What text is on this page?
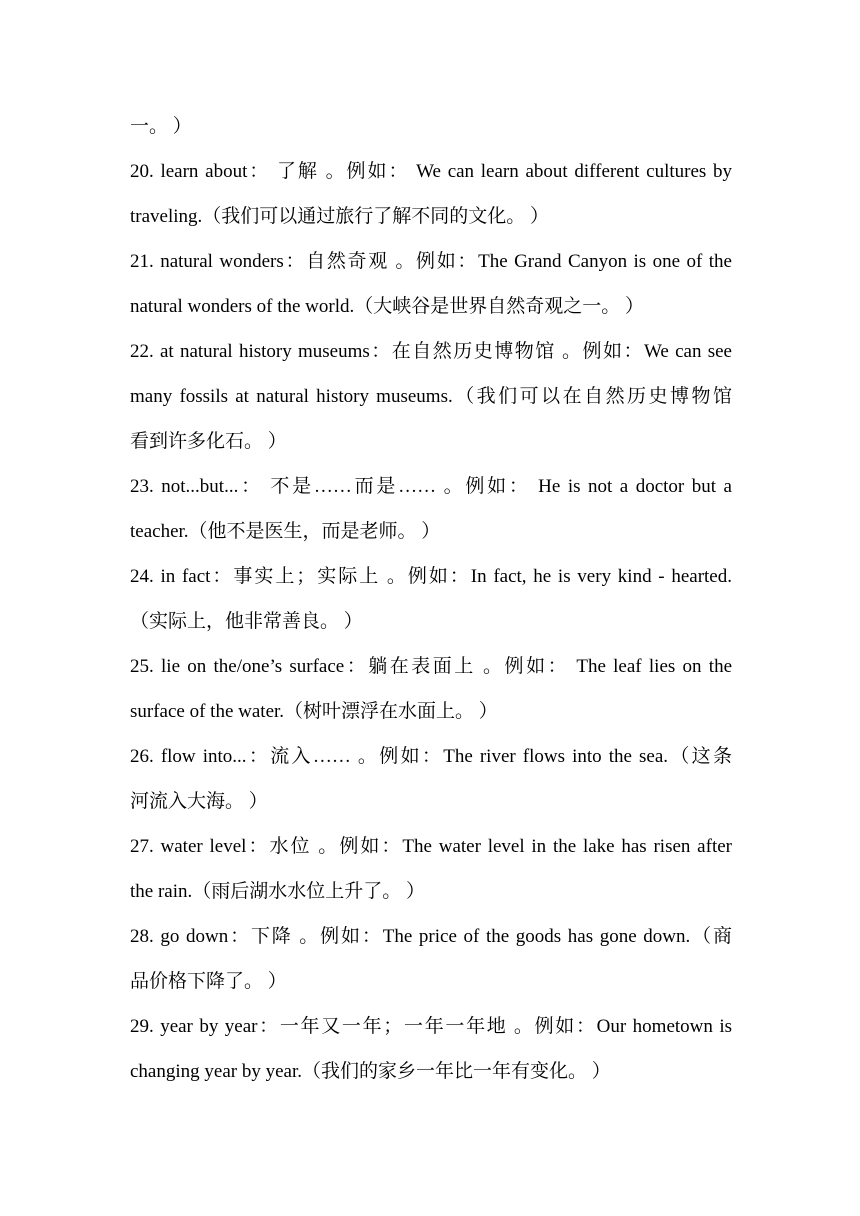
一。 ）
20. learn about： 了解 。例如： We can learn about different cultures by
traveling.（我们可以通过旅行了解不同的文化。 ）
21. natural wonders：自然奇观 。例如：The Grand Canyon is one of the
natural wonders of the world.（大峡谷是世界自然奇观之一。 ）
22. at natural history museums：在自然历史博物馆 。例如：We can see
many fossils at natural history museums.（我们可以在自然历史博物馆
看到许多化石。 ）
23. not...but...： 不是……而是…… 。例如： He is not a doctor but a
teacher.（他不是医生，而是老师。 ）
24. in fact：事实上；实际上 。例如：In fact, he is very kind - hearted.
（实际上，他非常善良。 ）
25. lie on the/one’s surface：躺在表面上 。例如： The leaf lies on the
surface of the water.（树叶漂浮在水面上。 ）
26. flow into...：流入…… 。例如：The river flows into the sea.（这条
河流入大海。 ）
27. water level：水位 。例如：The water level in the lake has risen after
the rain.（雨后湖水水位上升了。 ）
28. go down：下降 。例如：The price of the goods has gone down.（商
品价格下降了。 ）
29. year by year：一年又一年；一年一年地 。例如：Our hometown is
changing year by year.（我们的家乡一年比一年有变化。 ）
